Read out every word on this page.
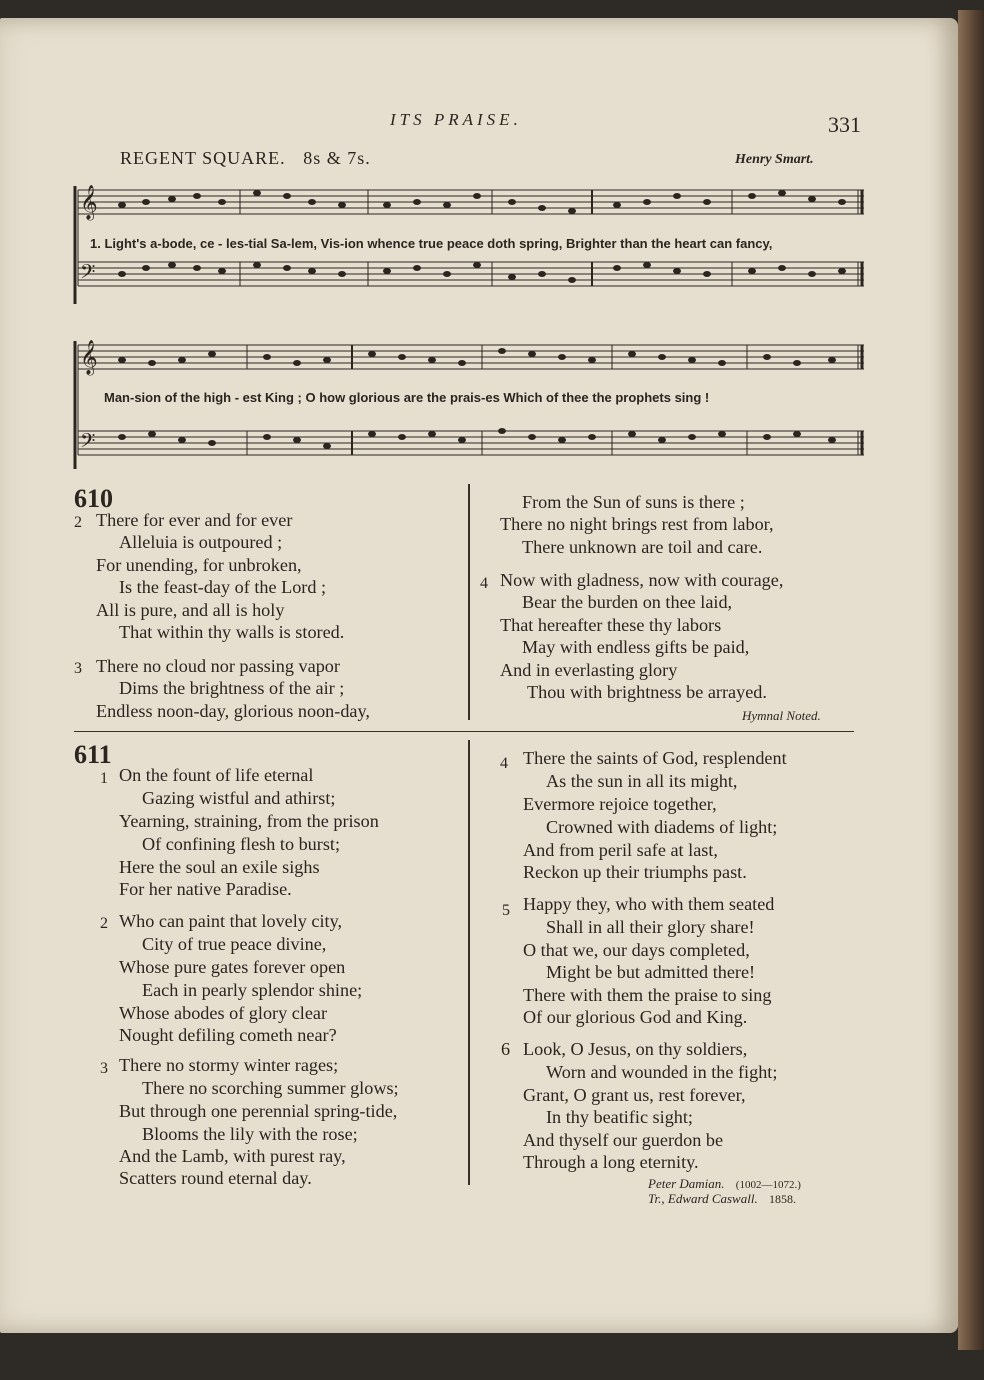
ITS PRAISE.	331
REGENT SQUARE. 8s & 7s.	Henry Smart.
𝄞
𝄢
1. Light's a-bode, ce - les-tial Sa-lem, Vis-ion whence true peace doth spring, Brighter than the heart can fancy,
𝄞
𝄢
Man-sion of the high - est King ; O how glorious are the prais-es Which of thee the prophets sing !
610
2 There for ever and for ever
Alleluia is outpoured ;
For unending, for unbroken,
Is the feast-day of the Lord ;
All is pure, and all is holy
That within thy walls is stored.
3 There no cloud nor passing vapor
Dims the brightness of the air ;
Endless noon-day, glorious noon-day,
From the Sun of suns is there ;
There no night brings rest from labor,
There unknown are toil and care.
4 Now with gladness, now with courage,
Bear the burden on thee laid,
That hereafter these thy labors
May with endless gifts be paid,
And in everlasting glory
Thou with brightness be arrayed.
Hymnal Noted.
611
1 On the fount of life eternal
Gazing wistful and athirst;
Yearning, straining, from the prison
Of confining flesh to burst;
Here the soul an exile sighs
For her native Paradise.
2 Who can paint that lovely city,
City of true peace divine,
Whose pure gates forever open
Each in pearly splendor shine;
Whose abodes of glory clear
Nought defiling cometh near?
3 There no stormy winter rages;
There no scorching summer glows;
But through one perennial spring-tide,
Blooms the lily with the rose;
And the Lamb, with purest ray,
Scatters round eternal day.
4 There the saints of God, resplendent
As the sun in all its might,
Evermore rejoice together,
Crowned with diadems of light;
And from peril safe at last,
Reckon up their triumphs past.
5 Happy they, who with them seated
Shall in all their glory share!
O that we, our days completed,
Might be but admitted there!
There with them the praise to sing
Of our glorious God and King.
6 Look, O Jesus, on thy soldiers,
Worn and wounded in the fight;
Grant, O grant us, rest forever,
In thy beatific sight;
And thyself our guerdon be
Through a long eternity.
Peter Damian. (1002—1072.)
Tr., Edward Caswall. 1858.
